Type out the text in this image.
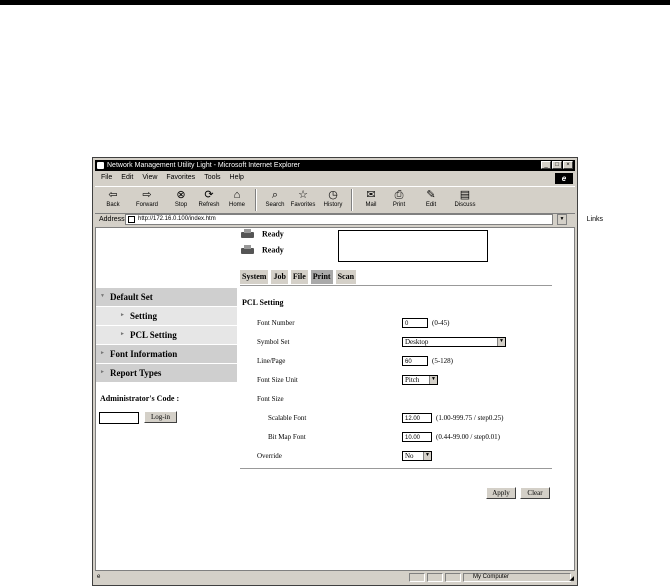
Network Management Utility Light - Microsoft Internet Explorer	_	□	×
File Edit View Favorites Tools Help	e
⇦
Back
⇨
Forward
⊗
Stop
⟳
Refresh
⌂
Home
⌕
Search
☆
Favorites
◷
History
✉
Mail
⎙
Print
✎
Edit
▤
Discuss
Address	http://172.16.0.100/index.htm	▼	Links
Ready
Ready
System Job File Print Scan
▼ Default Set
► Setting
► PCL Setting
► Font Information
► Report Types
Administrator's Code :
Log-in
PCL Setting
Font Number	0	(0-45)
Symbol Set	Desktop	▼
Line/Page	60	(5-128)
Font Size Unit	Pitch	▼
Font Size
Scalable Font	12.00	(1.00-999.75 / step0.25)
Bit Map Font	10.00	(0.44-99.00 / step0.01)
Override	No	▼
Apply	Clear
e	My Computer	◢
